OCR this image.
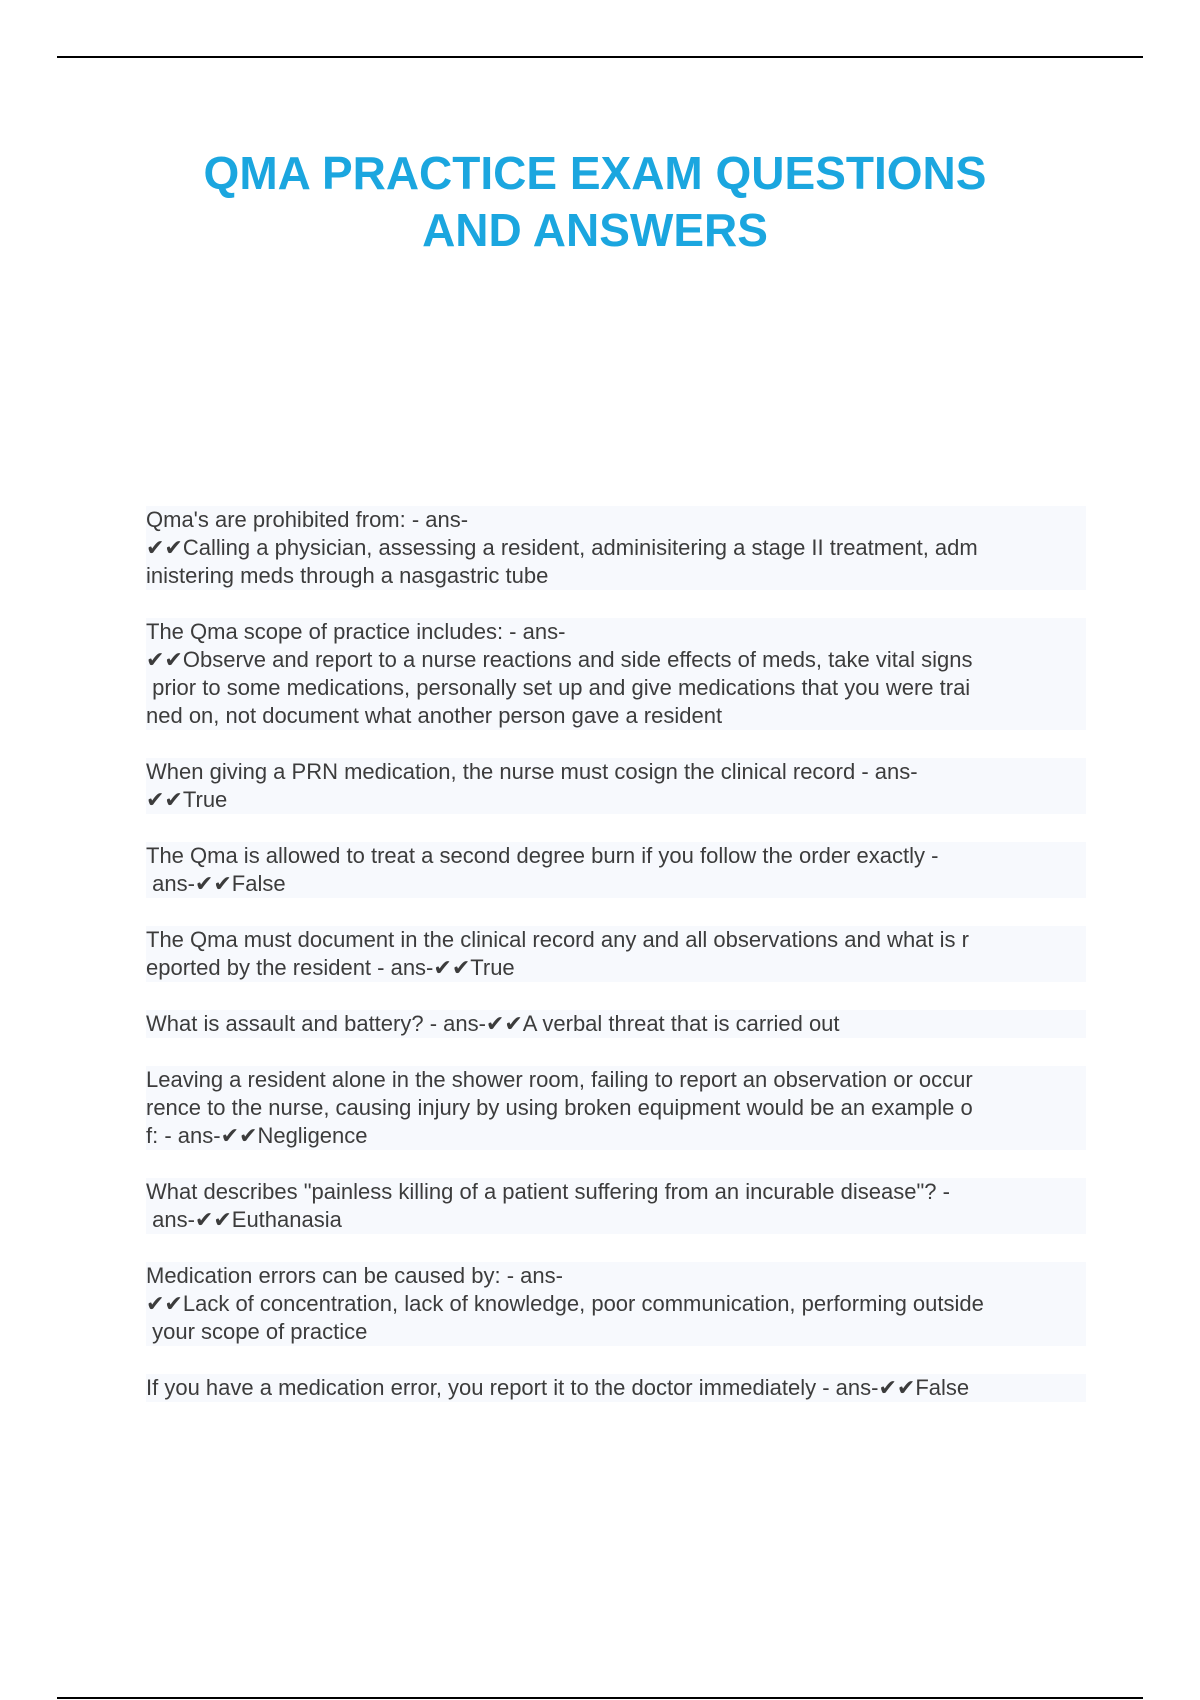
QMA PRACTICE EXAM QUESTIONS
AND ANSWERS

Qma's are prohibited from: - ans-
✔✔Calling a physician, assessing a resident, adminisitering a stage II treatment, adm
inistering meds through a nasgastric tube

The Qma scope of practice includes: - ans-
✔✔Observe and report to a nurse reactions and side effects of meds, take vital signs
prior to some medications, personally set up and give medications that you were trai
ned on, not document what another person gave a resident

When giving a PRN medication, the nurse must cosign the clinical record - ans-
✔✔True

The Qma is allowed to treat a second degree burn if you follow the order exactly -
ans-✔✔False

The Qma must document in the clinical record any and all observations and what is r
eported by the resident - ans-✔✔True

What is assault and battery? - ans-✔✔A verbal threat that is carried out

Leaving a resident alone in the shower room, failing to report an observation or occur
rence to the nurse, causing injury by using broken equipment would be an example o
f: - ans-✔✔Negligence

What describes "painless killing of a patient suffering from an incurable disease"? -
ans-✔✔Euthanasia

Medication errors can be caused by: - ans-
✔✔Lack of concentration, lack of knowledge, poor communication, performing outside
your scope of practice

If you have a medication error, you report it to the doctor immediately - ans-✔✔False
